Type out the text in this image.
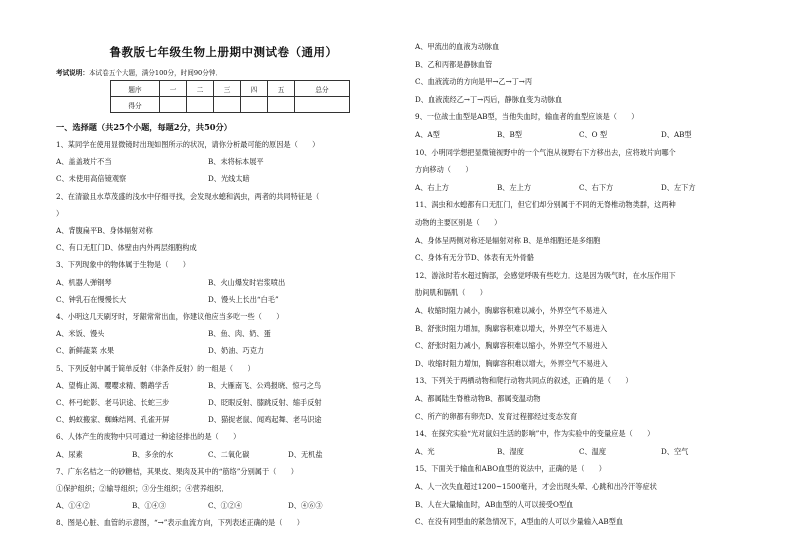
鲁教版七年级生物上册期中测试卷（通用）
考试说明：本试卷五个大题，满分100分，时间90分钟．
题序	一	二	三	四	五	总分
得分						
一、选择题（共25个小题，每题2分，共50分）
1、某同学在使用显微镜时出现如图所示的状况，请你分析最可能的原因是（　　）
A、盖盖玻片不当	B、未将标本展平
C、未使用高倍镜观察	D、光线太暗
2、在清澈且水草茂盛的浅水中仔细寻找，会发现水螅和涡虫，两者的共同特征是（
）
A、背腹扁平B、身体辐射对称
C、有口无肛门D、体壁由内外两层细胞构成
3、下列现象中的物体属于生物是（　　）
A、机器人弹钢琴	B、火山爆发时岩浆喷出
C、钟乳石在慢慢长大	D、馒头上长出“白毛”
4、小明这几天刷牙时，牙龈常常出血，你建议他应当多吃一些（　　）
A、米饭、馒头	B、鱼、肉、奶、蛋
C、新鲜蔬菜 水果	D、奶油、巧克力
5、下列反射中属于简单反射（非条件反射）的一组是（　　）
A、望梅止渴、嘤嘤求精、鹦鹉学舌	B、大雁南飞、公鸡报晓、惊弓之鸟
C、杯弓蛇影、老马识途、长蛇三步	D、眨眼反射、膝跳反射、缩手反射
C、蚂蚁搬家、蜘蛛结网、孔雀开屏	D、猫捉老鼠、闻鸡起舞、老马识途
6、人体产生的废物中只可通过一种途径排出的是（　　）
A、尿素	B、多余的水	C、二氧化碳	D、无机盐
7、广东名桔之一的砂糖桔，其果皮、果肉及其中的“筋络”分别属于（　　）
①保护组织；②输导组织；③分生组织；④营养组织．
A、①④②	B、①④③	C、①②④	D、④⑥③
8、图是心脏、血管的示意图，“→”表示血流方向，下列表述正确的是（　　）
A、甲流出的血液为动脉血
B、乙和丙都是静脉血管
C、血液流动的方向是甲→乙→丁→丙
D、血液流经乙→丁→丙后，静脉血变为动脉血
9、一位战士血型是AB型，当他失血时，输血者的血型应该是（　　）
A、A型	B、B型	C、O 型	D、AB型
10、小明同学想把显微镜视野中的一个气泡从视野右下方移出去，应将玻片向哪个
方向移动（　　）
A、右上方	B、左上方	C、右下方	D、左下方
11、涡虫和水螅都有口无肛门，但它们却分别属于不同的无脊椎动物类群，这两种
动物的主要区别是（　　）
A、身体呈两侧对称还是辐射对称 B、是单细胞还是多细胞
C、身体有无分节D、体表有无外骨骼
12、游泳时若水超过胸部，会感觉呼吸有些吃力．这是因为吸气时，在水压作用下
肋间肌和膈肌（　　）
A、收缩时阻力减小，胸廓容积难以减小，外界空气不易进入
B、舒张时阻力增加，胸廓容积难以增大，外界空气不易进入
C、舒张时阻力减小，胸廓容积难以缩小，外界空气不易进入
D、收缩时阻力增加，胸廓容积难以增大，外界空气不易进入
13、下列关于两栖动物和爬行动物共同点的叙述，正确的是（　　）
A、都属陆生脊椎动物B、都属变温动物
C、所产的卵都有卵壳D、发育过程都经过变态发育
14、在探究实验“光对鼠妇生活的影响”中，作为实验中的变量应是（　　）
A、光	B、湿度	C、温度	D、空气
15、下面关于输血和ABO血型的说法中，正确的是（　　）
A、人一次失血超过1200~1500毫升，才会出现头晕、心跳和出冷汗等症状
B、人在大量输血时，AB血型的人可以接受O型血
C、在没有同型血的紧急情况下，A型血的人可以少量输入AB型血
